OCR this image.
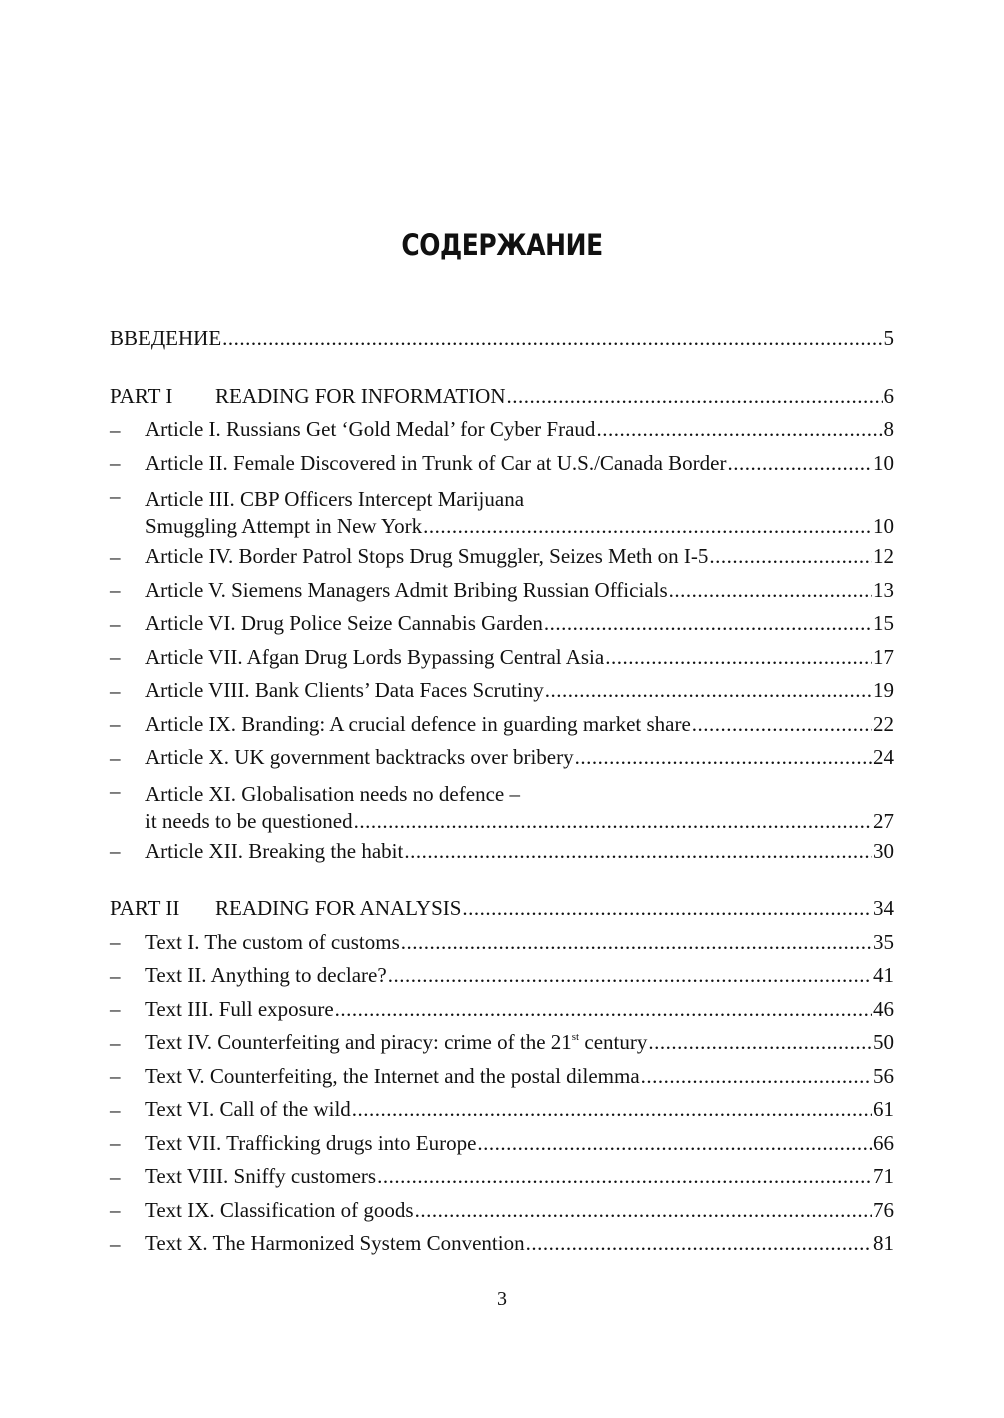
СОДЕРЖАНИЕ
ВВЕДЕНИЕ .....	5
PART I READING FOR INFORMATION .....	6
–	Article I. Russians Get ‘Gold Medal’ for Cyber Fraud .....	8
–	Article II. Female Discovered in Trunk of Car at U.S./Canada Border .....	10
–	Article III. CBP Officers Intercept Marijuana
Smuggling Attempt in New York .....	10
–	Article IV. Border Patrol Stops Drug Smuggler, Seizes Meth on I-5 .....	12
–	Article V. Siemens Managers Admit Bribing Russian Officials .....	13
–	Article VI. Drug Police Seize Cannabis Garden .....	15
–	Article VII. Afgan Drug Lords Bypassing Central Asia .....	17
–	Article VIII. Bank Clients’ Data Faces Scrutiny .....	19
–	Article IX. Branding: A crucial defence in guarding market share .....	22
–	Article X. UK government backtracks over bribery .....	24
–	Article XI. Globalisation needs no defence –
it needs to be questioned .....	27
–	Article XII. Breaking the habit .....	30
PART II READING FOR ANALYSIS .....	34
–	Text I. The custom of customs .....	35
–	Text II. Anything to declare? .....	41
–	Text III. Full exposure .....	46
–	Text IV. Counterfeiting and piracy: crime of the 21st century .....	50
–	Text V. Counterfeiting, the Internet and the postal dilemma .....	56
–	Text VI. Call of the wild .....	61
–	Text VII. Trafficking drugs into Europe .....	66
–	Text VIII. Sniffy customers .....	71
–	Text IX. Classification of goods .....	76
–	Text X. The Harmonized System Convention .....	81
3
